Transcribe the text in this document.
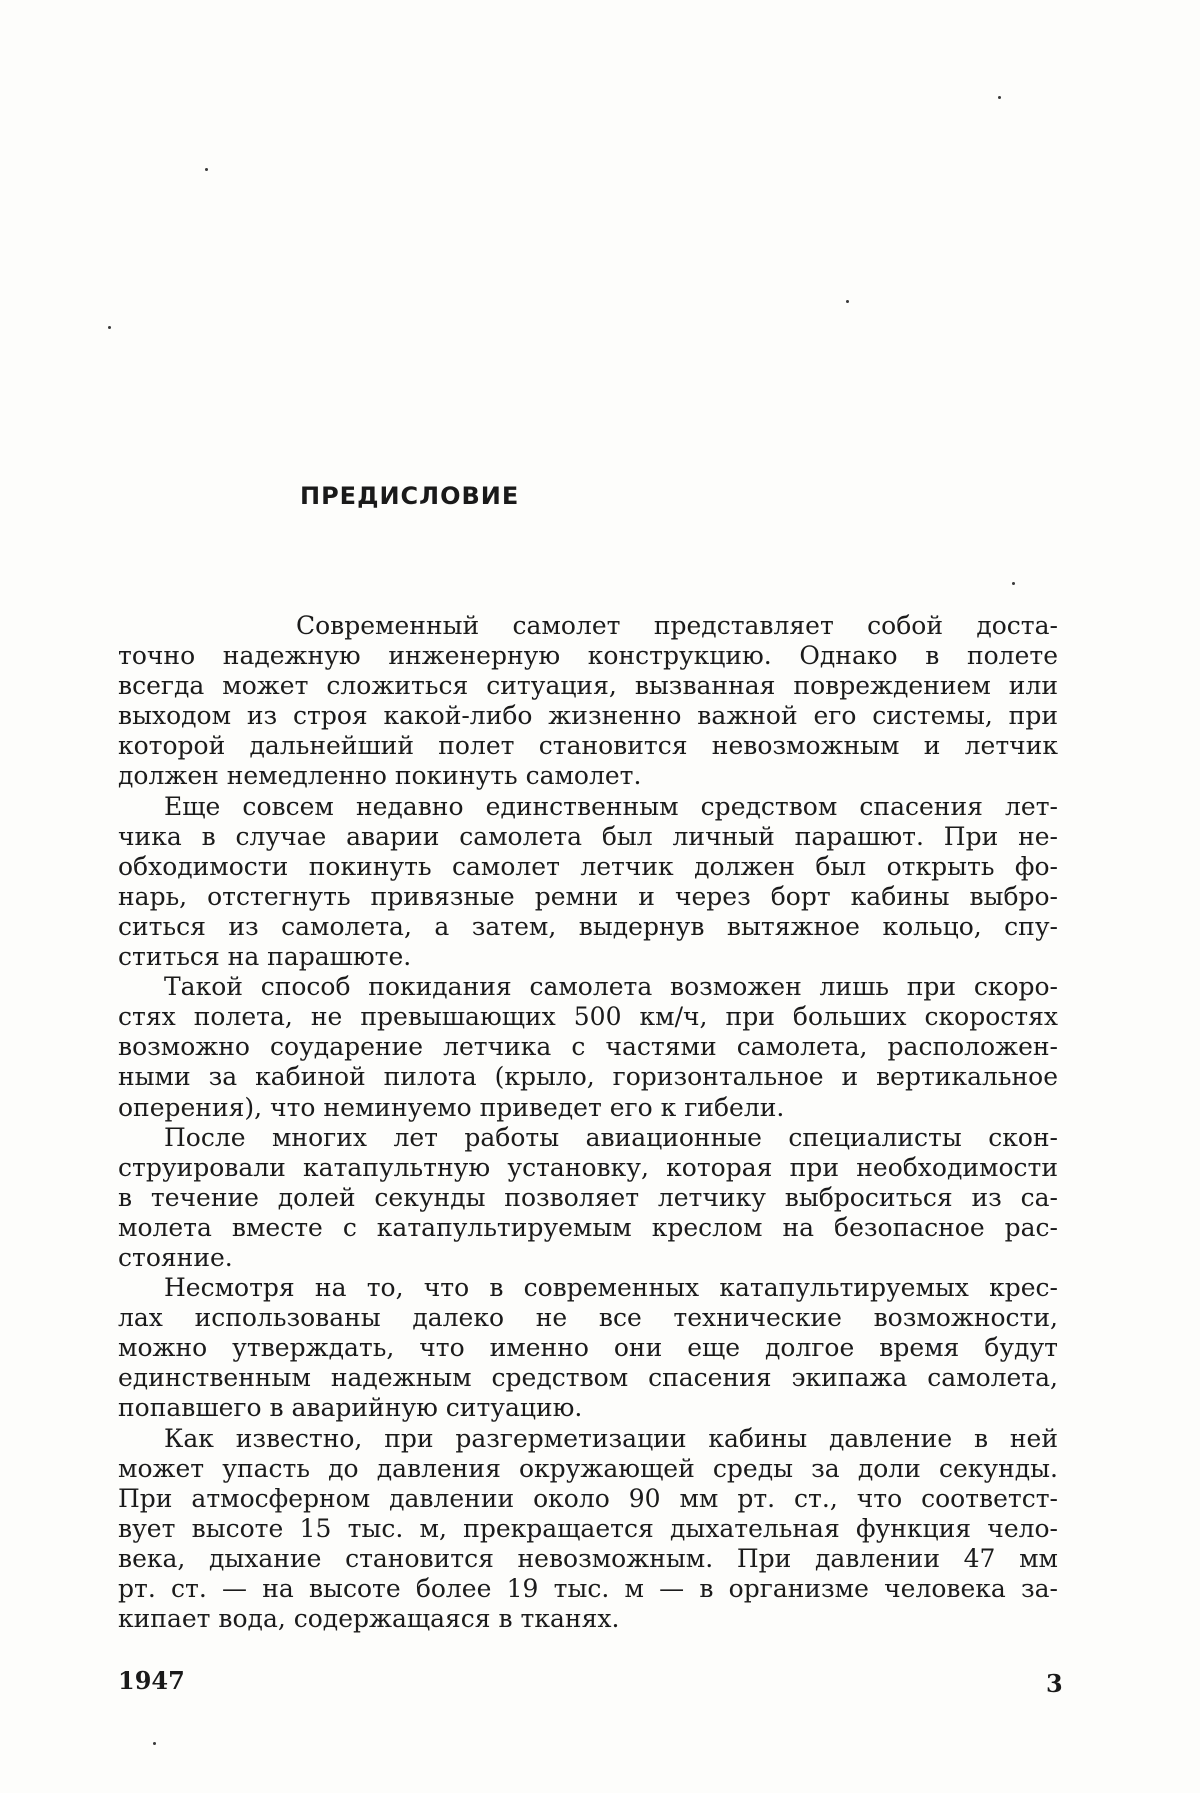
ПРЕДИСЛОВИЕ

Современный самолет представляет собой доста-
точно надежную инженерную конструкцию. Однако в полете
всегда может сложиться ситуация, вызванная повреждением или
выходом из строя какой-либо жизненно важной его системы, при
которой дальнейший полет становится невозможным и летчик
должен немедленно покинуть самолет.

Еще совсем недавно единственным средством спасения лет-
чика в случае аварии самолета был личный парашют. При не-
обходимости покинуть самолет летчик должен был открыть фо-
нарь, отстегнуть привязные ремни и через борт кабины выбро-
ситься из самолета, а затем, выдернув вытяжное кольцо, спу-
ститься на парашюте.

Такой способ покидания самолета возможен лишь при скоро-
стях полета, не превышающих 500 км/ч, при больших скоростях
возможно соударение летчика с частями самолета, расположен-
ными за кабиной пилота (крыло, горизонтальное и вертикальное
оперения), что неминуемо приведет его к гибели.

После многих лет работы авиационные специалисты скон-
струировали катапультную установку, которая при необходимости
в течение долей секунды позволяет летчику выброситься из са-
молета вместе с катапультируемым креслом на безопасное рас-
стояние.

Несмотря на то, что в современных катапультируемых крес-
лах использованы далеко не все технические возможности,
можно утверждать, что именно они еще долгое время будут
единственным надежным средством спасения экипажа самолета,
попавшего в аварийную ситуацию.

Как известно, при разгерметизации кабины давление в ней
может упасть до давления окружающей среды за доли секунды.
При атмосферном давлении около 90 мм рт. ст., что соответст-
вует высоте 15 тыс. м, прекращается дыхательная функция чело-
века, дыхание становится невозможным. При давлении 47 мм
рт. ст. — на высоте более 19 тыс. м — в организме человека за-
кипает вода, содержащаяся в тканях.

1947	3
